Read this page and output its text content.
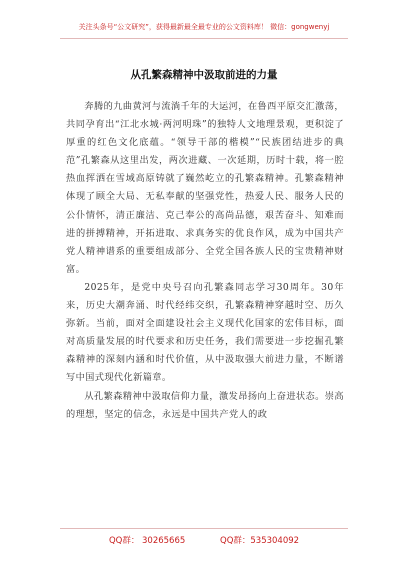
关注头条号“公文研究”，获得最新最全最专业的公文资料库！ 微信：gongwenyj
从孔繁森精神中汲取前进的力量

奔腾的九曲黄河与流淌千年的大运河，在鲁西平原交汇激荡，共同孕育出“江北水城·两河明珠”的独特人文地理景观，更积淀了厚重的红色文化底蕴。“领导干部的楷模”“民族团结进步的典范”孔繁森从这里出发，两次进藏、一次延期，历时十载，将一腔热血挥洒在雪域高原铸就了巍然屹立的孔繁森精神。孔繁森精神体现了顾全大局、无私奉献的坚强党性，热爱人民、服务人民的公仆情怀，清正廉洁、克己奉公的高尚品德，艰苦奋斗、知难而进的拼搏精神，开拓进取、求真务实的优良作风，成为中国共产党人精神谱系的重要组成部分、全党全国各族人民的宝贵精神财富。

2025年，是党中央号召向孔繁森同志学习30周年。30年来，历史大潮奔涌、时代经纬交织，孔繁森精神穿越时空、历久弥新。当前，面对全面建设社会主义现代化国家的宏伟目标，面对高质量发展的时代要求和历史任务，我们需要进一步挖掘孔繁森精神的深刻内涵和时代价值，从中汲取强大前进力量，不断谱写中国式现代化新篇章。

从孔繁森精神中汲取信仰力量，激发昂扬向上奋进状态。崇高的理想，坚定的信念，永远是中国共产党人的政

QQ群： 30265665	QQ群：535304092
